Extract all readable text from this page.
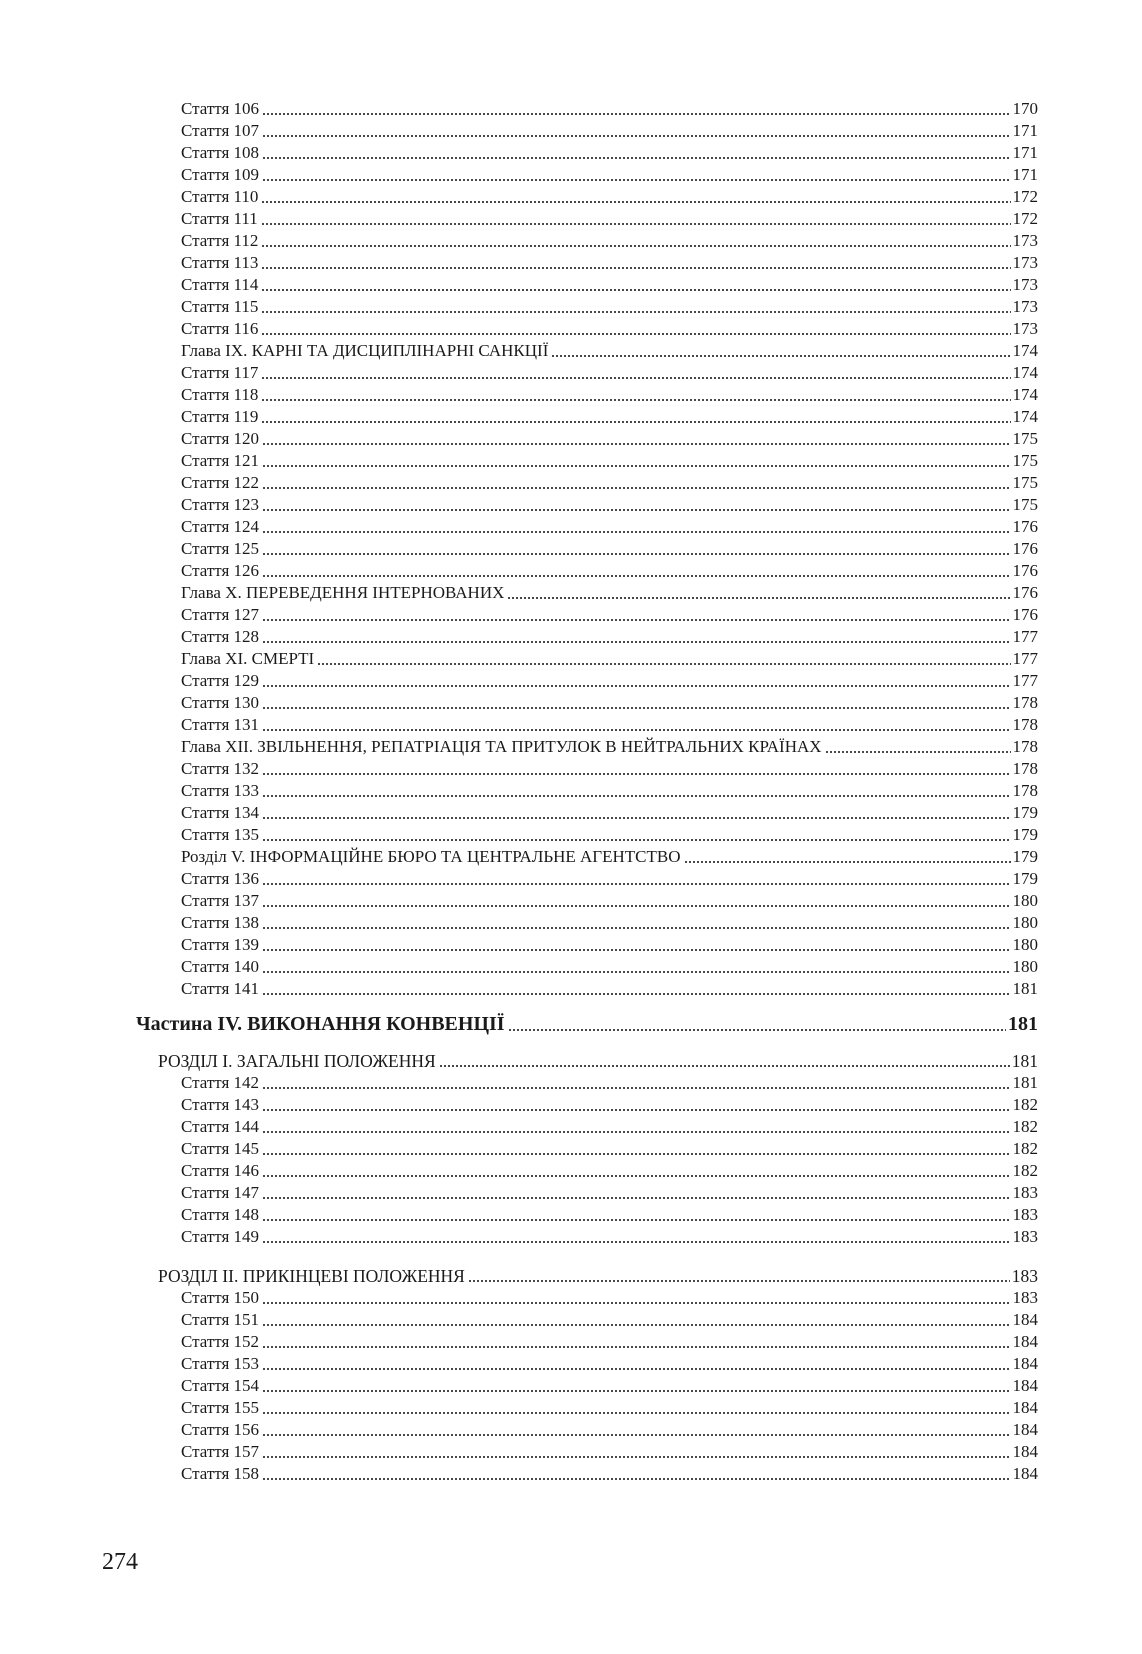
Стаття 106	170
Стаття 107	171
Стаття 108	171
Стаття 109	171
Стаття 110	172
Стаття 111	172
Стаття 112	173
Стаття 113	173
Стаття 114	173
Стаття 115	173
Стаття 116	173
Глава IX. КАРНІ ТА ДИСЦИПЛІНАРНІ САНКЦІЇ	174
Стаття 117	174
Стаття 118	174
Стаття 119	174
Стаття 120	175
Стаття 121	175
Стаття 122	175
Стаття 123	175
Стаття 124	176
Стаття 125	176
Стаття 126	176
Глава X. ПЕРЕВЕДЕННЯ ІНТЕРНОВАНИХ	176
Стаття 127	176
Стаття 128	177
Глава XI. СМЕРТІ	177
Стаття 129	177
Стаття 130	178
Стаття 131	178
Глава XII. ЗВІЛЬНЕННЯ, РЕПАТРІАЦІЯ ТА ПРИТУЛОК В НЕЙТРАЛЬНИХ КРАЇНАХ	178
Стаття 132	178
Стаття 133	178
Стаття 134	179
Стаття 135	179
Розділ V. ІНФОРМАЦІЙНЕ БЮРО ТА ЦЕНТРАЛЬНЕ АГЕНТСТВО	179
Стаття 136	179
Стаття 137	180
Стаття 138	180
Стаття 139	180
Стаття 140	180
Стаття 141	181
Частина IV. ВИКОНАННЯ КОНВЕНЦІЇ	181
РОЗДІЛ I. ЗАГАЛЬНІ ПОЛОЖЕННЯ	181
Стаття 142	181
Стаття 143	182
Стаття 144	182
Стаття 145	182
Стаття 146	182
Стаття 147	183
Стаття 148	183
Стаття 149	183
РОЗДІЛ II. ПРИКІНЦЕВІ ПОЛОЖЕННЯ	183
Стаття 150	183
Стаття 151	184
Стаття 152	184
Стаття 153	184
Стаття 154	184
Стаття 155	184
Стаття 156	184
Стаття 157	184
Стаття 158	184
274
